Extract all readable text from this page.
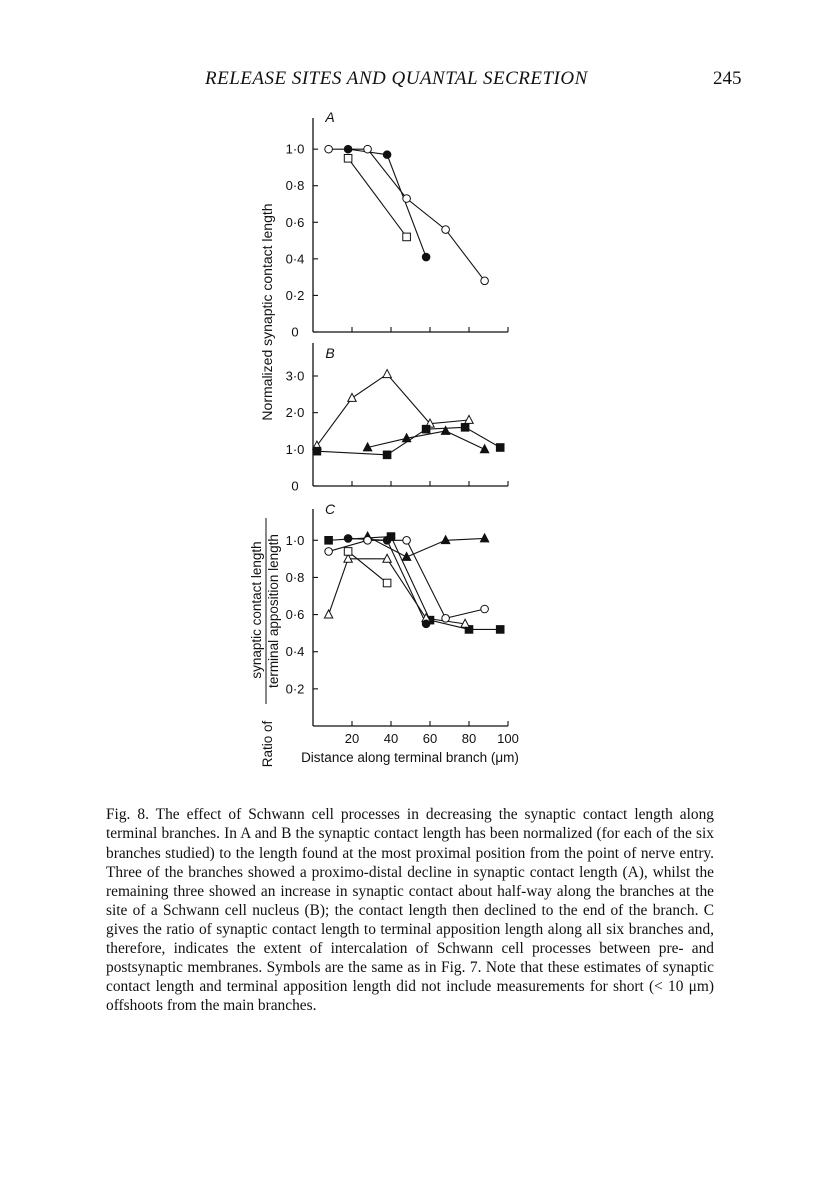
RELEASE SITES AND QUANTAL SECRETION	245
A
0
0·2
0·4
0·6
0·8
1·0
B
0
1·0
2·0
3·0
C
20 40 60 80 100
0·2
0·4
0·6
0·8
1·0
Distance along terminal branch (μm)
Normalized synaptic contact length
synaptic contact length terminal apposition length
Ratio of

Fig. 8. The effect of Schwann cell processes in decreasing the synaptic contact length along terminal branches. In A and B the synaptic contact length has been normalized (for each of the six branches studied) to the length found at the most proximal position from the point of nerve entry. Three of the branches showed a proximo-distal decline in synaptic contact length (A), whilst the remaining three showed an increase in synaptic contact about half-way along the branches at the site of a Schwann cell nucleus (B); the contact length then declined to the end of the branch. C gives the ratio of synaptic contact length to terminal apposition length along all six branches and, therefore, indicates the extent of intercalation of Schwann cell processes between pre- and postsynaptic membranes. Symbols are the same as in Fig. 7. Note that these estimates of synaptic contact length and terminal apposition length did not include measurements for short (< 10 μm) offshoots from the main branches.
